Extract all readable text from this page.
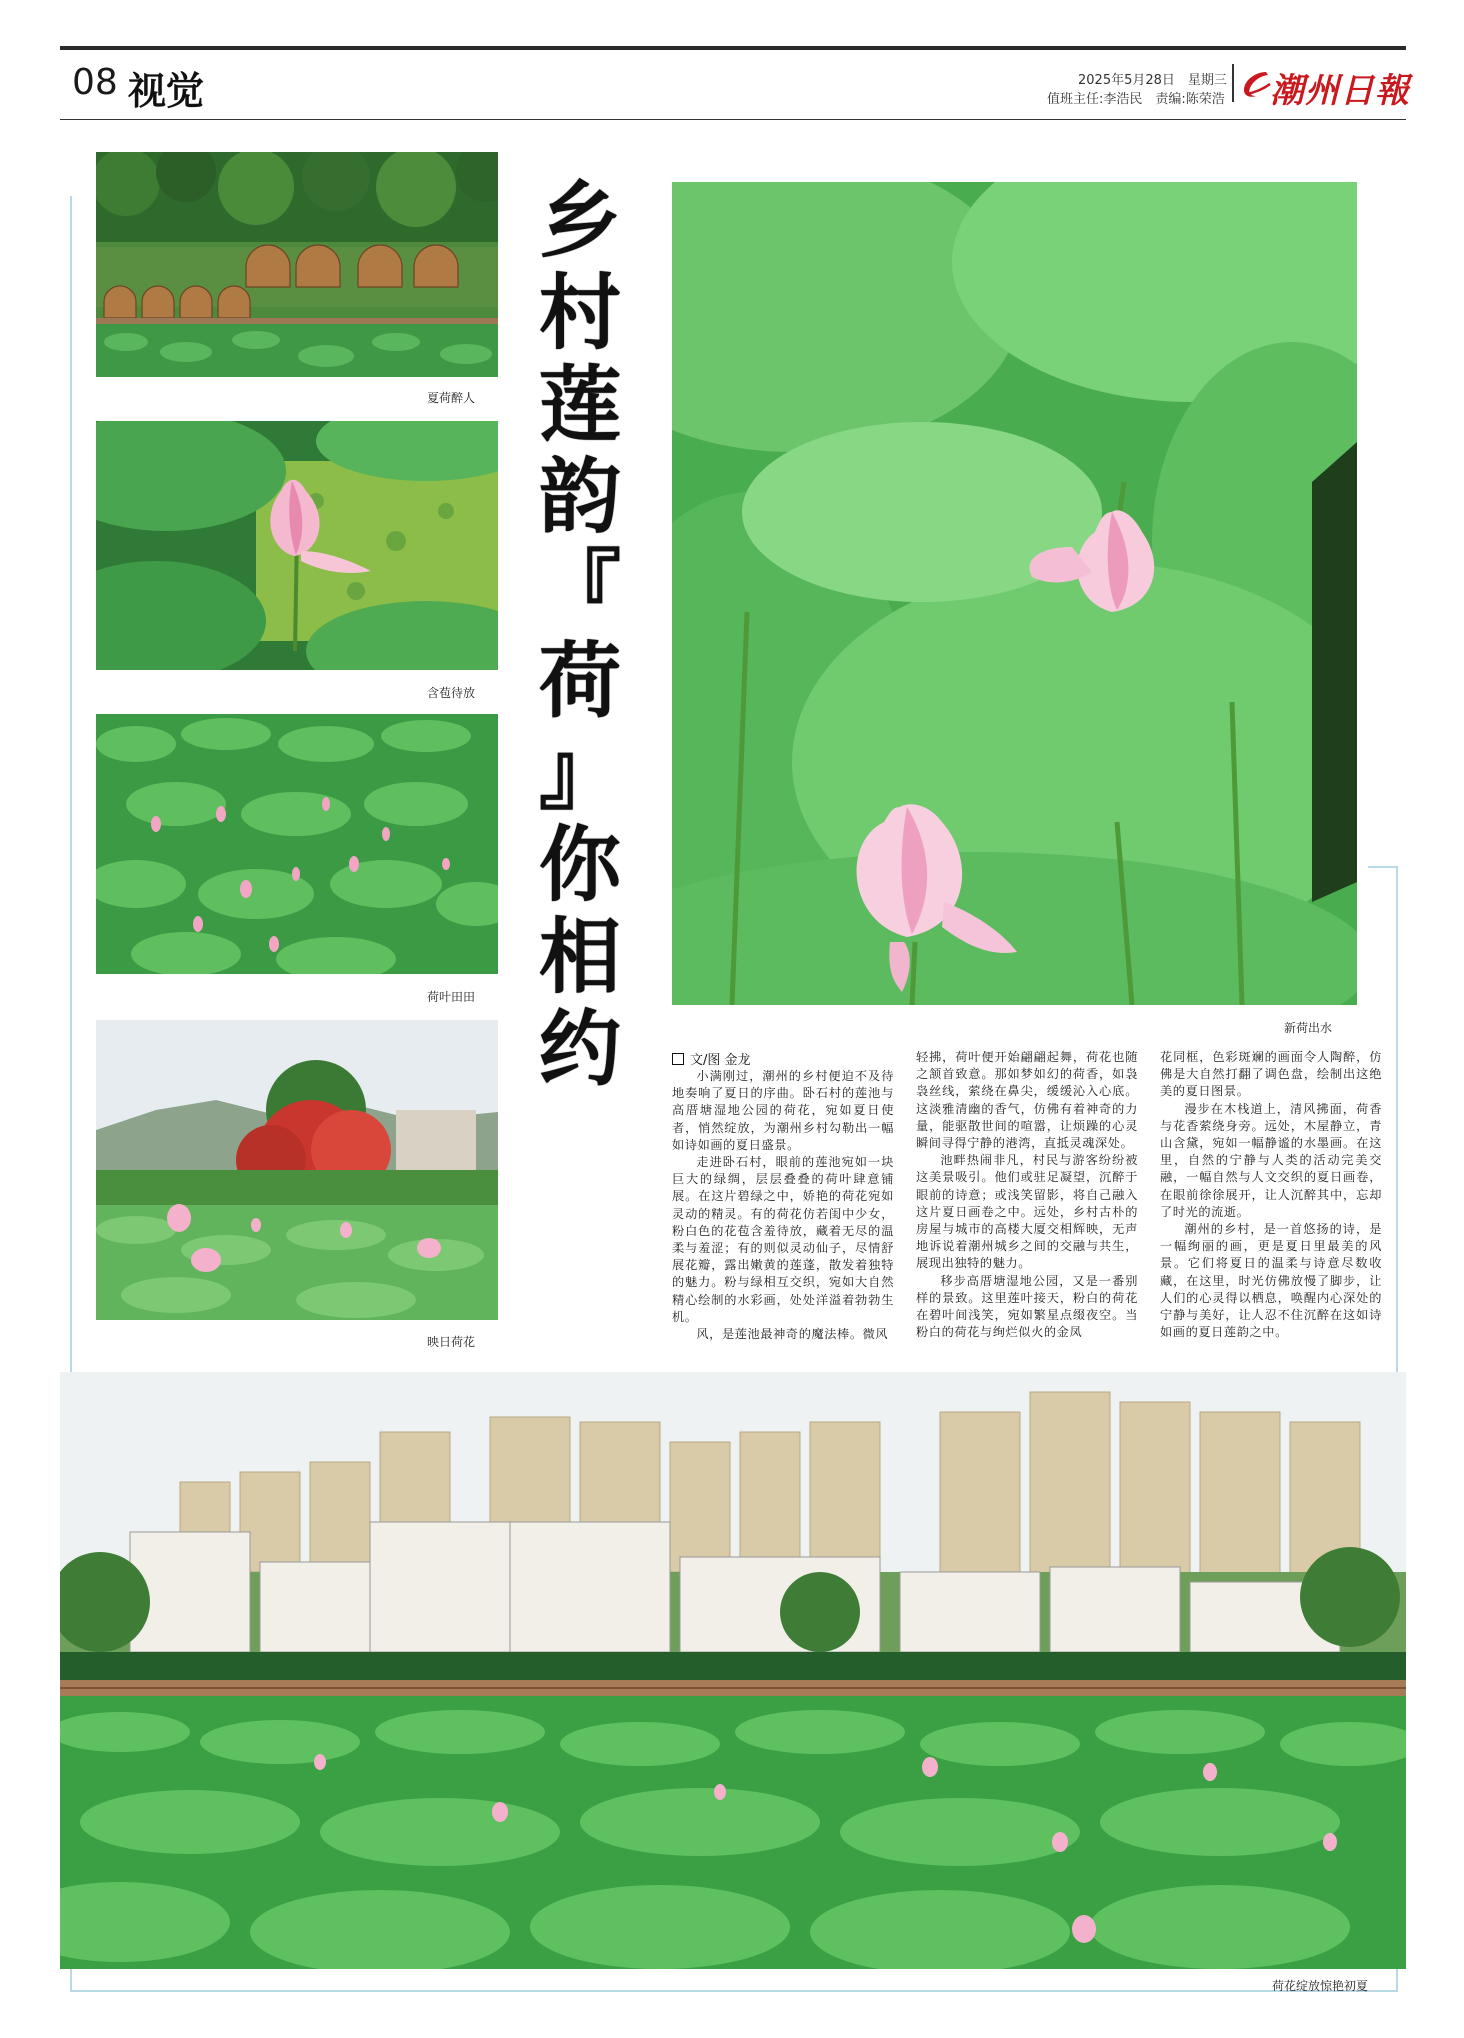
08 视觉	2025年5月28日　星期三
值班主任:李浩民　责编:陈荣浩 潮州日報
夏荷醉人
含苞待放
荷叶田田
映日荷花
乡
村
莲
韵
『
荷
』
你
相
约	新荷出水
文/图 金龙

小满刚过，潮州的乡村便迫不及待地奏响了夏日的序曲。卧石村的莲池与高厝塘湿地公园的荷花，宛如夏日使者，悄然绽放，为潮州乡村勾勒出一幅如诗如画的夏日盛景。

走进卧石村，眼前的莲池宛如一块巨大的绿绸，层层叠叠的荷叶肆意铺展。在这片碧绿之中，娇艳的荷花宛如灵动的精灵。有的荷花仿若闺中少女，粉白色的花苞含羞待放，藏着无尽的温柔与羞涩；有的则似灵动仙子，尽情舒展花瓣，露出嫩黄的莲蓬，散发着独特的魅力。粉与绿相互交织，宛如大自然精心绘制的水彩画，处处洋溢着勃勃生机。

风，是莲池最神奇的魔法棒。微风

轻拂，荷叶便开始翩翩起舞，荷花也随之颔首致意。那如梦如幻的荷香，如袅袅丝线，萦绕在鼻尖，缓缓沁入心底。这淡雅清幽的香气，仿佛有着神奇的力量，能驱散世间的喧嚣，让烦躁的心灵瞬间寻得宁静的港湾，直抵灵魂深处。

池畔热闹非凡，村民与游客纷纷被这美景吸引。他们或驻足凝望，沉醉于眼前的诗意；或浅笑留影，将自己融入这片夏日画卷之中。远处，乡村古朴的房屋与城市的高楼大厦交相辉映，无声地诉说着潮州城乡之间的交融与共生，展现出独特的魅力。

移步高厝塘湿地公园，又是一番别样的景致。这里莲叶接天，粉白的荷花在碧叶间浅笑，宛如繁星点缀夜空。当粉白的荷花与绚烂似火的金凤

花同框，色彩斑斓的画面令人陶醉，仿佛是大自然打翻了调色盘，绘制出这绝美的夏日图景。

漫步在木栈道上，清风拂面，荷香与花香萦绕身旁。远处，木屋静立，青山含黛，宛如一幅静谧的水墨画。在这里，自然的宁静与人类的活动完美交融，一幅自然与人文交织的夏日画卷，在眼前徐徐展开，让人沉醉其中，忘却了时光的流逝。

潮州的乡村，是一首悠扬的诗，是一幅绚丽的画，更是夏日里最美的风景。它们将夏日的温柔与诗意尽数收藏，在这里，时光仿佛放慢了脚步，让人们的心灵得以栖息，唤醒内心深处的宁静与美好，让人忍不住沉醉在这如诗如画的夏日莲韵之中。

荷花绽放惊艳初夏
